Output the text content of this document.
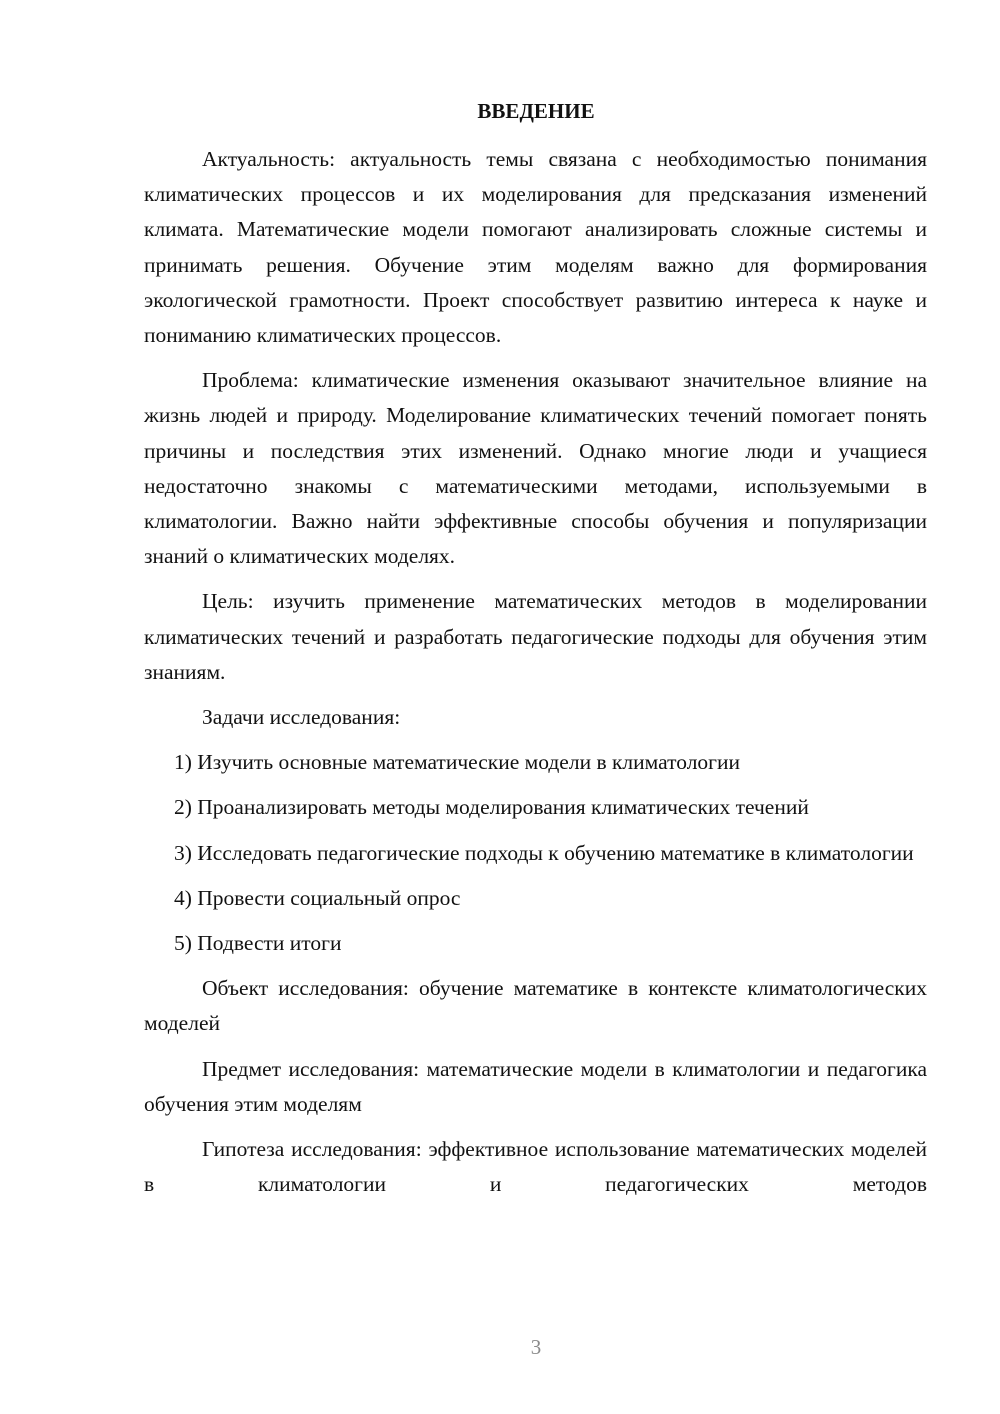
ВВЕДЕНИЕ

Актуальность: актуальность темы связана с необходимостью понимания климатических процессов и их моделирования для предсказания изменений климата. Математические модели помогают анализировать сложные системы и принимать решения. Обучение этим моделям важно для формирования экологической грамотности. Проект способствует развитию интереса к науке и пониманию климатических процессов.

Проблема: климатические изменения оказывают значительное влияние на жизнь людей и природу. Моделирование климатических течений помогает понять причины и последствия этих изменений. Однако многие люди и учащиеся недостаточно знакомы с математическими методами, используемыми в климатологии. Важно найти эффективные способы обучения и популяризации знаний о климатических моделях.

Цель: изучить применение математических методов в моделировании климатических течений и разработать педагогические подходы для обучения этим знаниям.

Задачи исследования:

1) Изучить основные математические модели в климатологии

2) Проанализировать методы моделирования климатических течений

3) Исследовать педагогические подходы к обучению математике в климатологии

4) Провести социальный опрос

5) Подвести итоги

Объект исследования: обучение математике в контексте климатологических моделей

Предмет исследования: математические модели в климатологии и педагогика обучения этим моделям

Гипотеза исследования: эффективное использование математических моделей в климатологии и педагогических методов

3
